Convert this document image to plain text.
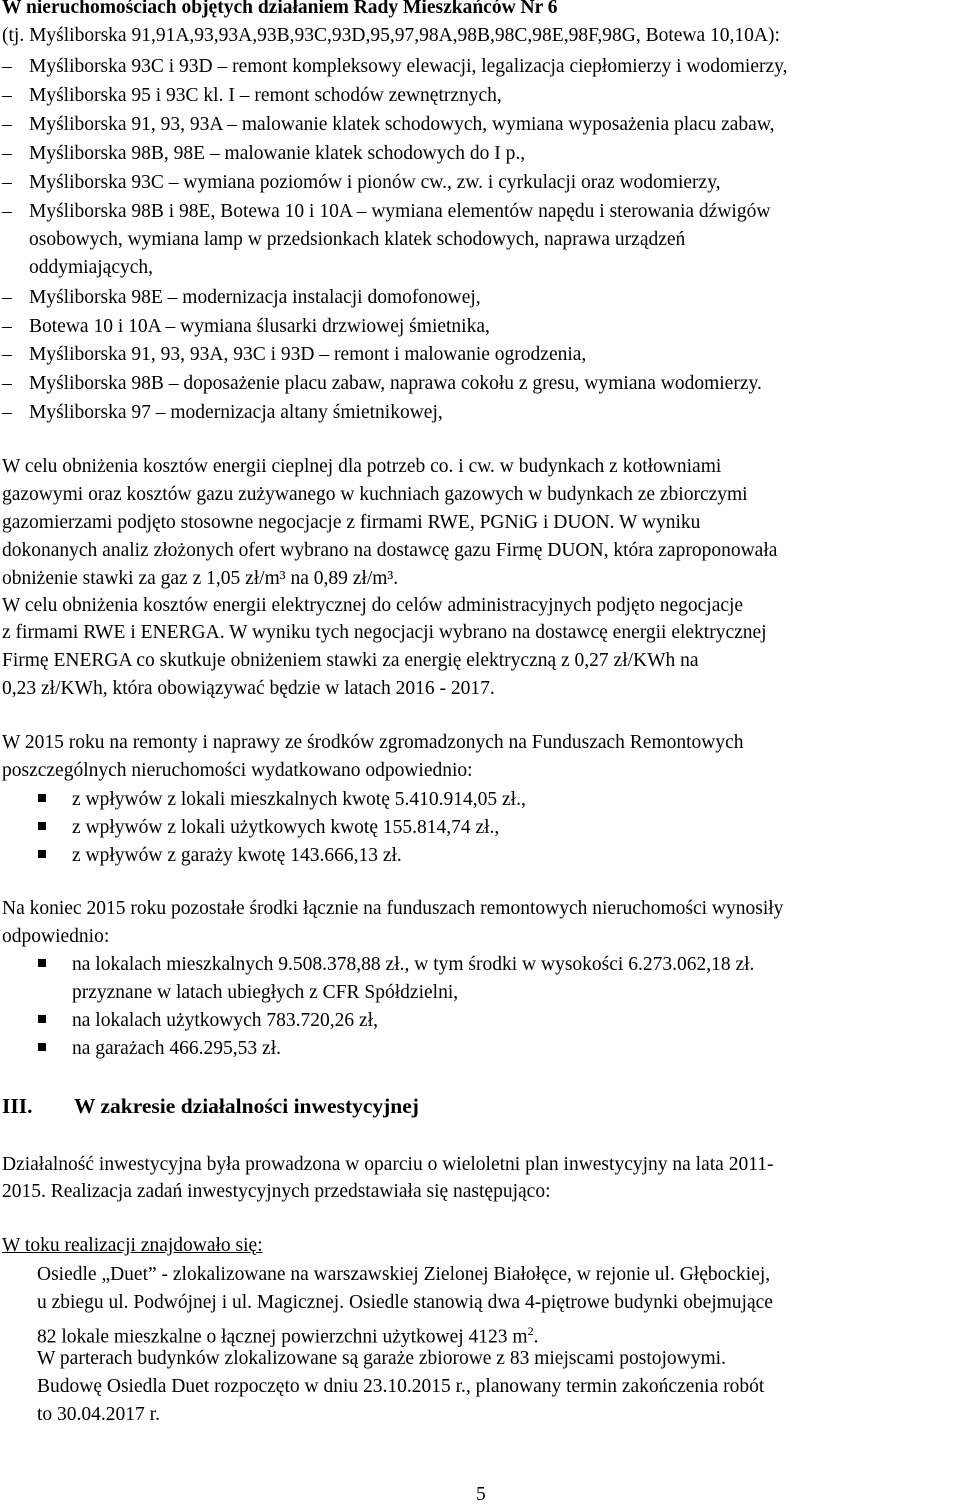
W nieruchomościach objętych działaniem Rady Mieszkańców Nr 6
(tj. Myśliborska 91,91A,93,93A,93B,93C,93D,95,97,98A,98B,98C,98E,98F,98G, Botewa 10,10A):
– Myśliborska 93C i 93D – remont kompleksowy elewacji, legalizacja ciepłomierzy i wodomierzy,
– Myśliborska 95 i 93C kl. I – remont schodów zewnętrznych,
– Myśliborska 91, 93, 93A – malowanie klatek schodowych, wymiana wyposażenia placu zabaw,
– Myśliborska 98B, 98E – malowanie klatek schodowych do I p.,
– Myśliborska 93C – wymiana poziomów i pionów cw., zw. i cyrkulacji oraz wodomierzy,
– Myśliborska 98B i 98E, Botewa 10 i 10A – wymiana elementów napędu i sterowania dźwigów
osobowych, wymiana lamp w przedsionkach klatek schodowych, naprawa urządzeń
oddymiających,
– Myśliborska 98E – modernizacja instalacji domofonowej,
– Botewa 10 i 10A – wymiana ślusarki drzwiowej śmietnika,
– Myśliborska 91, 93, 93A, 93C i 93D – remont i malowanie ogrodzenia,
– Myśliborska 98B – doposażenie placu zabaw, naprawa cokołu z gresu, wymiana wodomierzy.
– Myśliborska 97 – modernizacja altany śmietnikowej,
W celu obniżenia kosztów energii cieplnej dla potrzeb co. i cw. w budynkach z kotłowniami
gazowymi oraz kosztów gazu zużywanego w kuchniach gazowych w budynkach ze zbiorczymi
gazomierzami podjęto stosowne negocjacje z firmami RWE, PGNiG i DUON. W wyniku
dokonanych analiz złożonych ofert wybrano na dostawcę gazu Firmę DUON, która zaproponowała
obniżenie stawki za gaz z 1,05 zł/m³ na 0,89 zł/m³.
W celu obniżenia kosztów energii elektrycznej do celów administracyjnych podjęto negocjacje
z firmami RWE i ENERGA. W wyniku tych negocjacji wybrano na dostawcę energii elektrycznej
Firmę ENERGA co skutkuje obniżeniem stawki za energię elektryczną z 0,27 zł/KWh na
0,23 zł/KWh, która obowiązywać będzie w latach 2016 - 2017.
W 2015 roku na remonty i naprawy ze środków zgromadzonych na Funduszach Remontowych
poszczególnych nieruchomości wydatkowano odpowiednio:
z wpływów z lokali mieszkalnych kwotę 5.410.914,05 zł.,
z wpływów z lokali użytkowych kwotę 155.814,74 zł.,
z wpływów z garaży kwotę 143.666,13 zł.
Na koniec 2015 roku pozostałe środki łącznie na funduszach remontowych nieruchomości wynosiły
odpowiednio:
na lokalach mieszkalnych 9.508.378,88 zł., w tym środki w wysokości 6.273.062,18 zł.
przyznane w latach ubiegłych z CFR Spółdzielni,
na lokalach użytkowych 783.720,26 zł,
na garażach 466.295,53 zł.
III. W zakresie działalności inwestycyjnej
Działalność inwestycyjna była prowadzona w oparciu o wieloletni plan inwestycyjny na lata 2011-
2015. Realizacja zadań inwestycyjnych przedstawiała się następująco:
W toku realizacji znajdowało się:
Osiedle „Duet” - zlokalizowane na warszawskiej Zielonej Białołęce, w rejonie ul. Głębockiej,
u zbiegu ul. Podwójnej i ul. Magicznej. Osiedle stanowią dwa 4-piętrowe budynki obejmujące
82 lokale mieszkalne o łącznej powierzchni użytkowej 4123 $m^2$.
W parterach budynków zlokalizowane są garaże zbiorowe z 83 miejscami postojowymi.
Budowę Osiedla Duet rozpoczęto w dniu 23.10.2015 r., planowany termin zakończenia robót
to 30.04.2017 r.
5
